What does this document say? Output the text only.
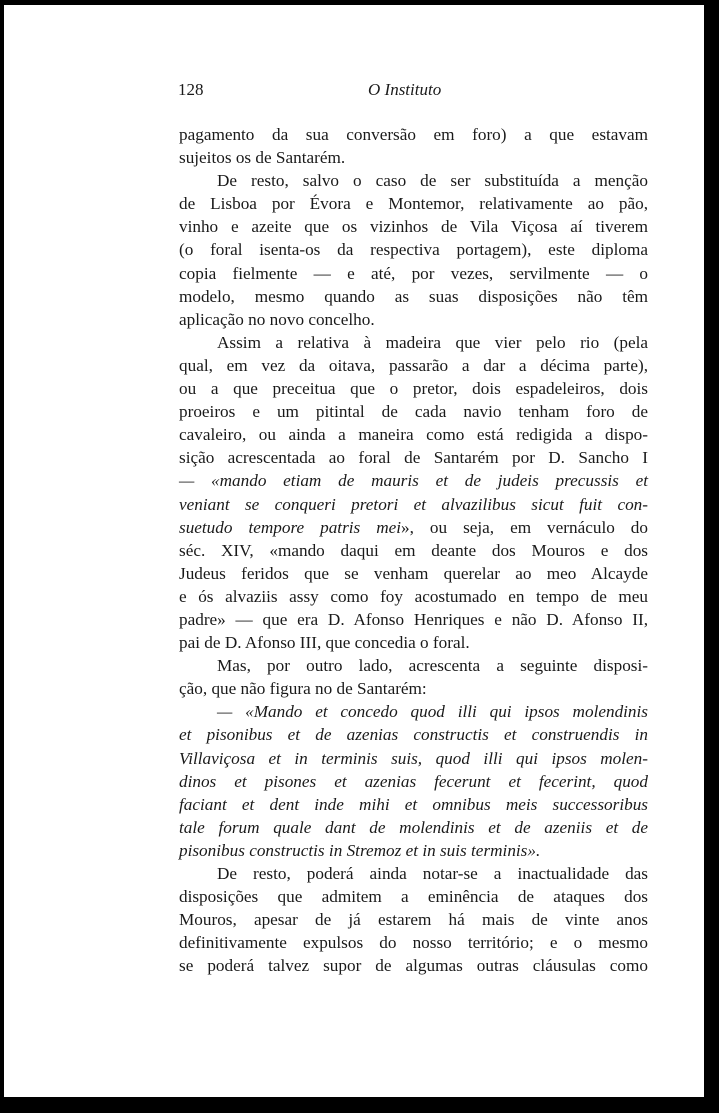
128	O Instituto
pagamento da sua conversão em foro) a que estavam
sujeitos os de Santarém.
De resto, salvo o caso de ser substituída a menção
de Lisboa por Évora e Montemor, relativamente ao pão,
vinho e azeite que os vizinhos de Vila Viçosa aí tiverem
(o foral isenta-os da respectiva portagem), este diploma
copia fielmente — e até, por vezes, servilmente — o
modelo, mesmo quando as suas disposições não têm
aplicação no novo concelho.
Assim a relativa à madeira que vier pelo rio (pela
qual, em vez da oitava, passarão a dar a décima parte),
ou a que preceitua que o pretor, dois espadeleiros, dois
proeiros e um pitintal de cada navio tenham foro de
cavaleiro, ou ainda a maneira como está redigida a dispo-
sição acrescentada ao foral de Santarém por D. Sancho I
— «mando etiam de mauris et de judeis precussis et
veniant se conqueri pretori et alvazilibus sicut fuit con-
suetudo tempore patris mei», ou seja, em vernáculo do
séc. XIV, «mando daqui em deante dos Mouros e dos
Judeus feridos que se venham querelar ao meo Alcayde
e ós alvaziis assy como foy acostumado en tempo de meu
padre» — que era D. Afonso Henriques e não D. Afonso II,
pai de D. Afonso III, que concedia o foral.
Mas, por outro lado, acrescenta a seguinte disposi-
ção, que não figura no de Santarém:
— «Mando et concedo quod illi qui ipsos molendinis
et pisonibus et de azenias constructis et construendis in
Villaviçosa et in terminis suis, quod illi qui ipsos molen-
dinos et pisones et azenias fecerunt et fecerint, quod
faciant et dent inde mihi et omnibus meis successoribus
tale forum quale dant de molendinis et de azeniis et de
pisonibus constructis in Stremoz et in suis terminis».
De resto, poderá ainda notar-se a inactualidade das
disposições que admitem a eminência de ataques dos
Mouros, apesar de já estarem há mais de vinte anos
definitivamente expulsos do nosso território; e o mesmo
se poderá talvez supor de algumas outras cláusulas como
